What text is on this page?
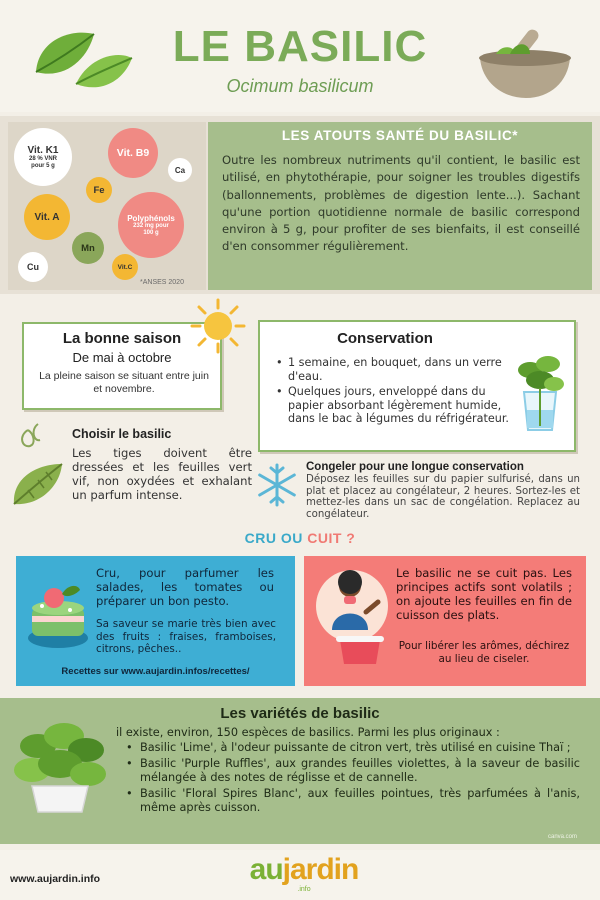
LE BASILIC
Ocimum basilicum
Vit. K1
28 % VNR pour 5 g
Vit. B9
Ca
Fe
Vit. A	Polyphénols
232 mg pour 100 g
Mn
Cu	Vit.C
*ANSES 2020
LES ATOUTS SANTÉ DU BASILIC*
Outre les nombreux nutriments qu'il contient, le basilic est utilisé, en phytothérapie, pour soigner les troubles digestifs (ballonnements, problèmes de digestion lente...). Sachant qu'une portion quotidienne normale de basilic correspond environ à 5 g, pour profiter de ses bienfaits, il est conseillé d'en consommer régulièrement.
La bonne saison
De mai à octobre
La pleine saison se situant entre juin et novembre.
Conservation
• 1 semaine, en bouquet, dans un verre d'eau.
• Quelques jours, enveloppé dans du papier absorbant légèrement humide, dans le bac à légumes du réfrigérateur.
Choisir le basilic
Les tiges doivent être dressées et les feuilles vert vif, non oxydées et exhalant un parfum intense.
Congeler pour une longue conservation
Déposez les feuilles sur du papier sulfurisé, dans un plat et placez au congélateur, 2 heures. Sortez-les et mettez-les dans un sac de congélation. Replacez au congélateur.
CRU OU CUIT ?
Cru, pour parfumer les salades, les tomates ou préparer un bon pesto.
Sa saveur se marie très bien avec des fruits : fraises, framboises, citrons, pêches..
Recettes sur www.aujardin.infos/recettes/
Le basilic ne se cuit pas. Les principes actifs sont volatils ; on ajoute les feuilles en fin de cuisson des plats.
Pour libérer les arômes, déchirez au lieu de ciseler.
Les variétés de basilic
il existe, environ, 150 espèces de basilics. Parmi les plus originaux :
• Basilic 'Lime', à l'odeur puissante de citron vert, très utilisé en cuisine Thaï ;
• Basilic 'Purple Ruffles', aux grandes feuilles violettes, à la saveur de basilic mélangée à des notes de réglisse et de cannelle.
• Basilic 'Floral Spires Blanc', aux feuilles pointues, très parfumées à l'anis, même après cuisson.
canva.com
www.aujardin.info	aujardin
.info
